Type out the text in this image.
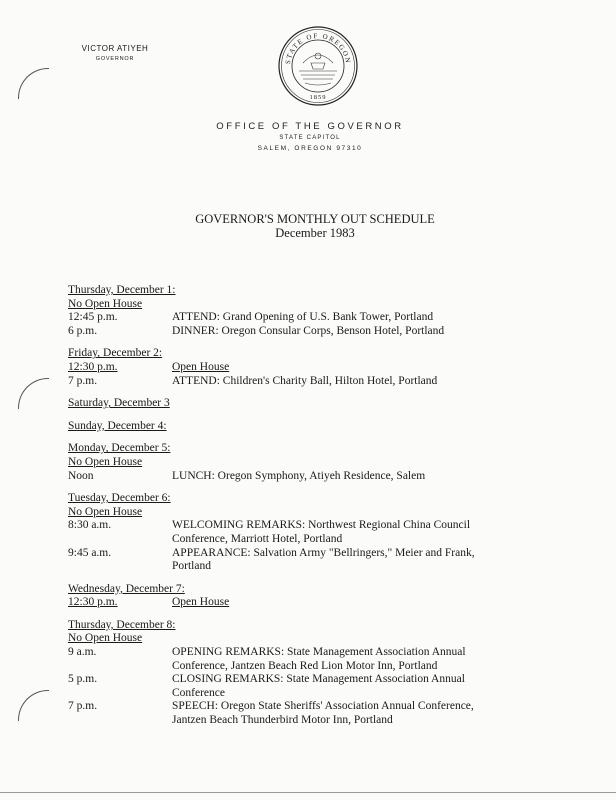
VICTOR ATIYEH
GOVERNOR	STATE OF OREGON
1859
OFFICE OF THE GOVERNOR
STATE CAPITOL
SALEM, OREGON 97310
GOVERNOR'S MONTHLY OUT SCHEDULE
December 1983
Thursday, December 1:
No Open House
12:45 p.m.	ATTEND: Grand Opening of U.S. Bank Tower, Portland
6 p.m.	DINNER: Oregon Consular Corps, Benson Hotel, Portland
Friday, December 2:
12:30 p.m.	Open House
7 p.m.	ATTEND: Children's Charity Ball, Hilton Hotel, Portland
Saturday, December 3
Sunday, December 4:
Monday, December 5:
No Open House
Noon	LUNCH: Oregon Symphony, Atiyeh Residence, Salem
Tuesday, December 6:
No Open House
8:30 a.m.	WELCOMING REMARKS: Northwest Regional China Council
Conference, Marriott Hotel, Portland
9:45 a.m.	APPEARANCE: Salvation Army "Bellringers," Meier and Frank,
Portland
Wednesday, December 7:
12:30 p.m.	Open House
Thursday, December 8:
No Open House
9 a.m.	OPENING REMARKS: State Management Association Annual
Conference, Jantzen Beach Red Lion Motor Inn, Portland
5 p.m.	CLOSING REMARKS: State Management Association Annual
Conference
7 p.m.	SPEECH: Oregon State Sheriffs' Association Annual Conference,
Jantzen Beach Thunderbird Motor Inn, Portland
